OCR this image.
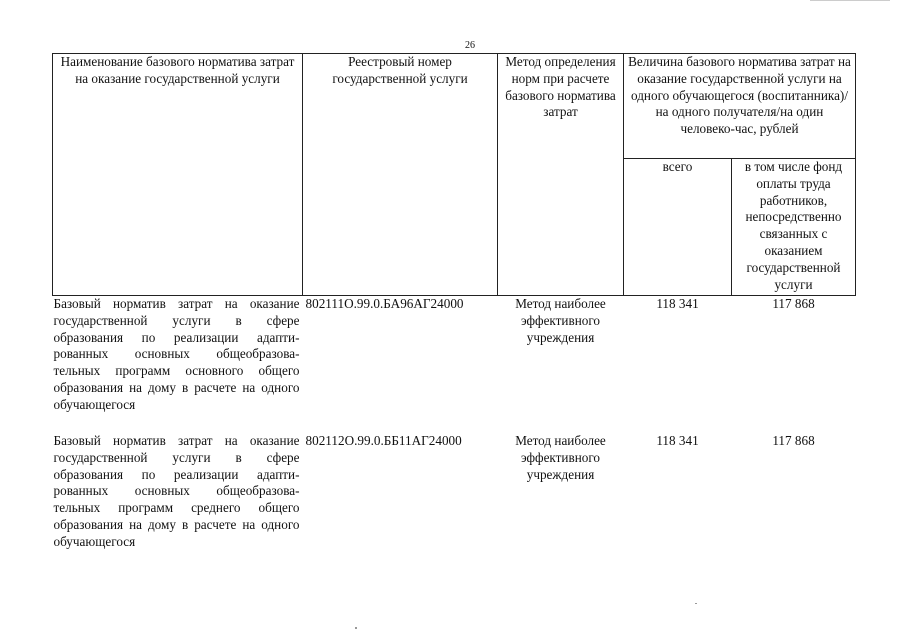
26
Наименование базового норматива затрат на оказание государственной услуги	Реестровый номер государственной услуги	Метод определения норм при расчете базового норматива затрат	Величина базового норматива затрат на оказание государственной услуги на одного обучающегося (воспитанника)/на одного получателя/на один человеко-час, рублей	
			всего	в том числе фонд оплаты труда работников, непосредственно связанных с оказанием государственной услуги
Базовый норматив затрат на оказание государственной услуги в сфере образования по реализации адапти-рованных основных общеобразова-тельных программ основного общего образования на дому в расчете на одного обучающегося	802111О.99.0.БА96АГ24000	Метод наиболее эффективного учреждения	118 341	117 868
Базовый норматив затрат на оказание государственной услуги в сфере образования по реализации адапти-рованных основных общеобразова-тельных программ среднего общего образования на дому в расчете на одного обучающегося	802112О.99.0.ББ11АГ24000	Метод наиболее эффективного учреждения	118 341	117 868
